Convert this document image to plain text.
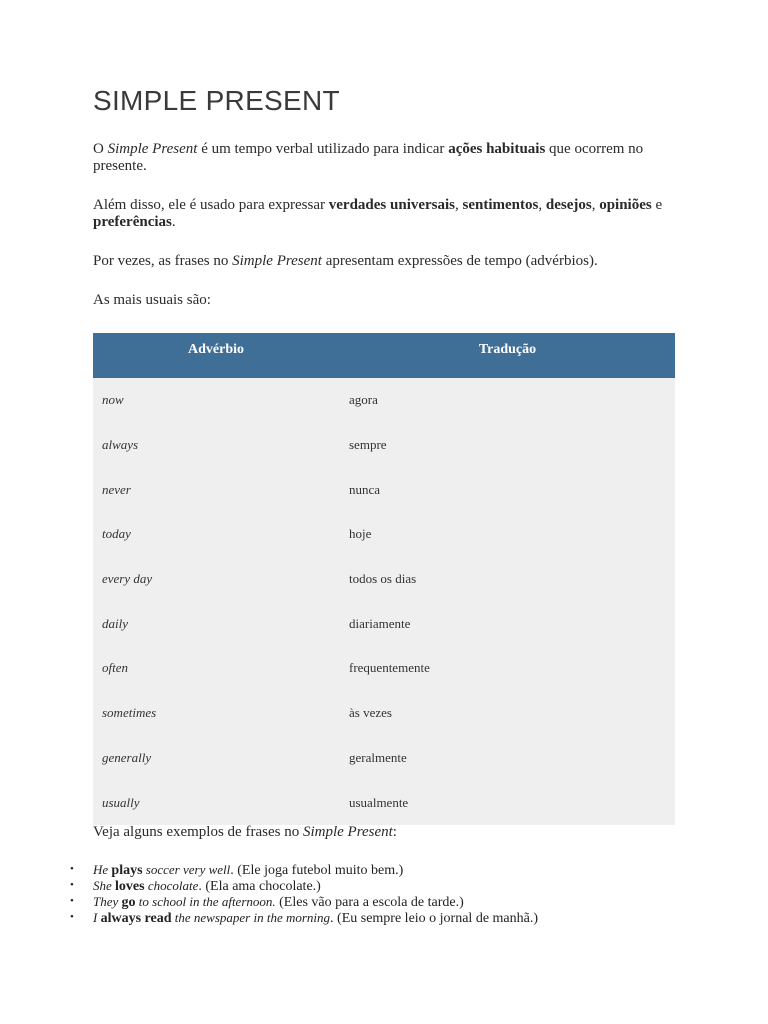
SIMPLE PRESENT

O Simple Present é um tempo verbal utilizado para indicar ações habituais que ocorrem no presente.

Além disso, ele é usado para expressar verdades universais, sentimentos, desejos, opiniões e preferências.

Por vezes, as frases no Simple Present apresentam expressões de tempo (advérbios).

As mais usuais são:

Advérbio	Tradução
now	agora
always	sempre
never	nunca
today	hoje
every day	todos os dias
daily	diariamente
often	frequentemente
sometimes	às vezes
generally	geralmente
usually	usualmente

Veja alguns exemplos de frases no Simple Present:

• He plays soccer very well. (Ele joga futebol muito bem.)
• She loves chocolate. (Ela ama chocolate.)
• They go to school in the afternoon. (Eles vão para a escola de tarde.)
• I always read the newspaper in the morning. (Eu sempre leio o jornal de manhã.)
